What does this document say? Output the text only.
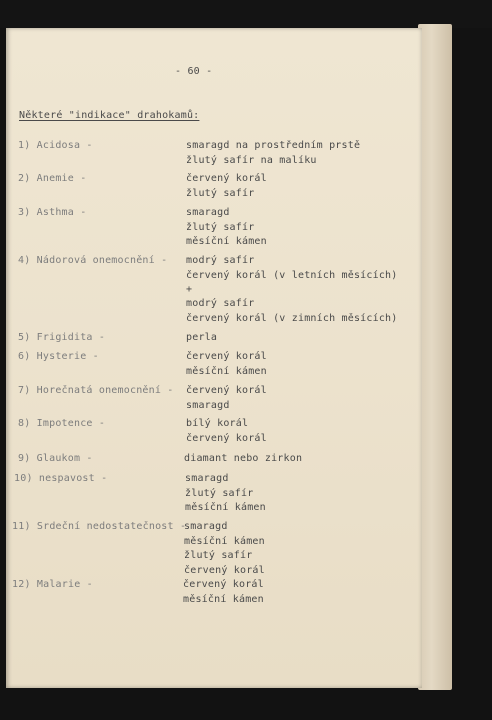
- 60 -
Některé "indikace" drahokamů:
1) Acidosa -	smaragd na prostředním prstě
žlutý safír na malíku
2) Anemie -	červený korál
žlutý safír
3) Asthma -	smaragd
žlutý safír
měsíční kámen
4) Nádorová onemocnění - modrý safír
červený korál (v letních měsících)
+
modrý safír
červený korál (v zimních měsících)
5) Frigidita -	perla
6) Hysterie -	červený korál
měsíční kámen
7) Horečnatá onemocnění - červený korál
smaragd
8) Impotence -	bílý korál
červený korál
9) Glaukom -	diamant nebo zirkon
10) nespavost -	smaragd
žlutý safír
měsíční kámen
11) Srdeční nedostatečnost -
smaragd
měsíční kámen
žlutý safír
červený korál
12) Malarie -	červený korál
měsíční kámen
